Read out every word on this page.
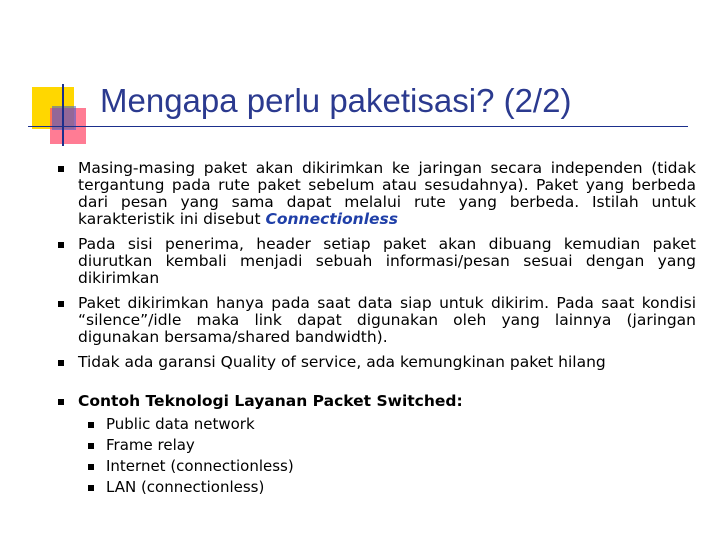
Mengapa perlu paketisasi? (2/2)
Masing-masing paket akan dikirimkan ke jaringan secara independen (tidak tergantung pada rute paket sebelum atau sesudahnya). Paket yang berbeda dari pesan yang sama dapat melalui rute yang berbeda. Istilah untuk karakteristik ini disebut Connectionless
Pada sisi penerima, header setiap paket akan dibuang kemudian paket diurutkan kembali menjadi sebuah informasi/pesan sesuai dengan yang dikirimkan
Paket dikirimkan hanya pada saat data siap untuk dikirim. Pada saat kondisi “silence”/idle maka link dapat digunakan oleh yang lainnya (jaringan digunakan bersama/shared bandwidth).
Tidak ada garansi Quality of service, ada kemungkinan paket hilang
Contoh Teknologi Layanan Packet Switched:
Public data network
Frame relay
Internet (connectionless)
LAN (connectionless)
